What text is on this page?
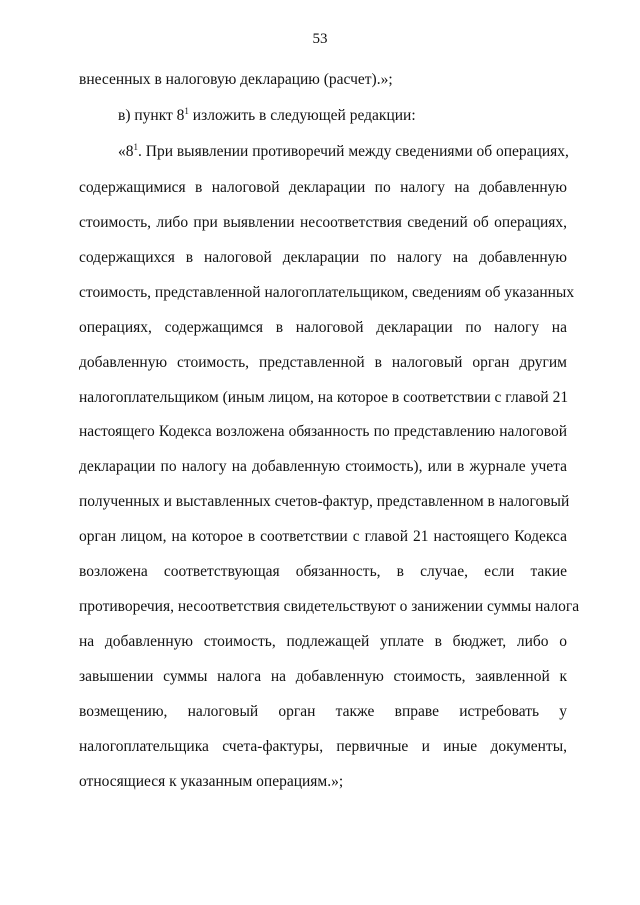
53
внесенных в налоговую декларацию (расчет).»;
в) пункт $8^1$ изложить в следующей редакции:
«$8^1$. При выявлении противоречий между сведениями об операциях,
содержащимися в налоговой декларации по налогу на добавленную
стоимость, либо при выявлении несоответствия сведений об операциях,
содержащихся в налоговой декларации по налогу на добавленную
стоимость, представленной налогоплательщиком, сведениям об указанных
операциях, содержащимся в налоговой декларации по налогу на
добавленную стоимость, представленной в налоговый орган другим
налогоплательщиком (иным лицом, на которое в соответствии с главой 21
настоящего Кодекса возложена обязанность по представлению налоговой
декларации по налогу на добавленную стоимость), или в журнале учета
полученных и выставленных счетов-фактур, представленном в налоговый
орган лицом, на которое в соответствии с главой 21 настоящего Кодекса
возложена соответствующая обязанность, в случае, если такие
противоречия, несоответствия свидетельствуют о занижении суммы налога
на добавленную стоимость, подлежащей уплате в бюджет, либо о
завышении суммы налога на добавленную стоимость, заявленной к
возмещению, налоговый орган также вправе истребовать у
налогоплательщика счета-фактуры, первичные и иные документы,
относящиеся к указанным операциям.»;
